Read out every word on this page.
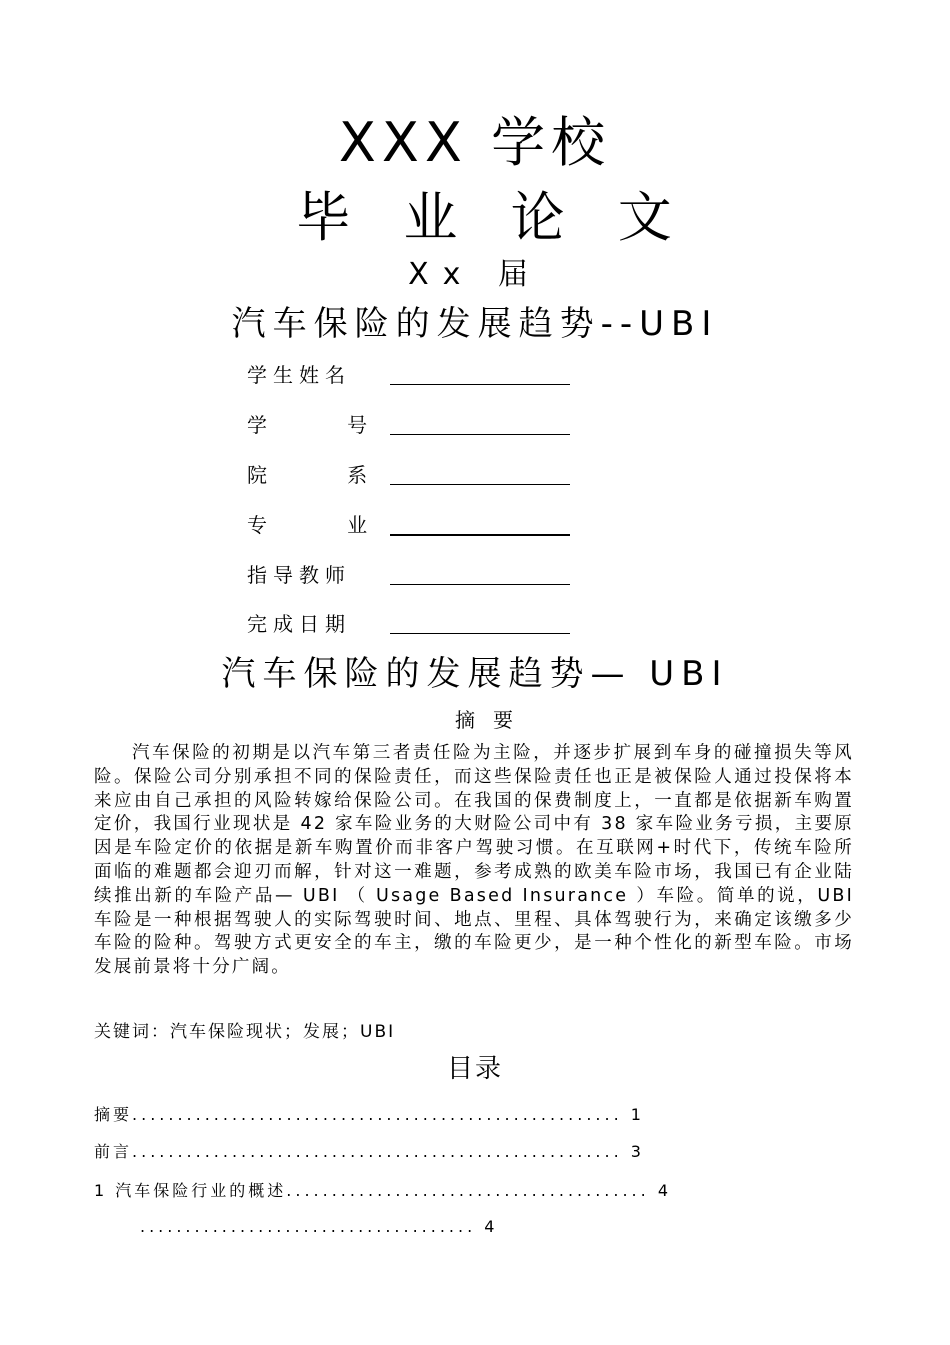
XXX 学校
毕 业 论 文
Xx 届
汽车保险的发展趋势--UBI
学生姓名
学      号
院      系
专      业
指导教师
完成日期
汽车保险的发展趋势— UBI
摘要
汽车保险的初期是以汽车第三者责任险为主险，并逐步扩展到车身的碰撞损失等风险。保险公司分别承担不同的保险责任，而这些保险责任也正是被保险人通过投保将本来应由自己承担的风险转嫁给保险公司。在我国的保费制度上，一直都是依据新车购置定价，我国行业现状是 42 家车险业务的大财险公司中有 38 家车险业务亏损，主要原因是车险定价的依据是新车购置价而非客户驾驶习惯。在互联网+时代下，传统车险所面临的难题都会迎刃而解，针对这一难题，参考成熟的欧美车险市场，我国已有企业陆续推出新的车险产品— UBI （ Usage Based Insurance ）车险。简单的说，UBI 车险是一种根据驾驶人的实际驾驶时间、地点、里程、具体驾驶行为，来确定该缴多少车险的险种。驾驶方式更安全的车主，缴的车险更少，是一种个性化的新型车险。市场发展前景将十分广阔。
关键词：汽车保险现状；发展；UBI
目录
摘要...................................................... 1
前言...................................................... 3
1 汽车保险行业的概述........................................ 4
..................................... 4
